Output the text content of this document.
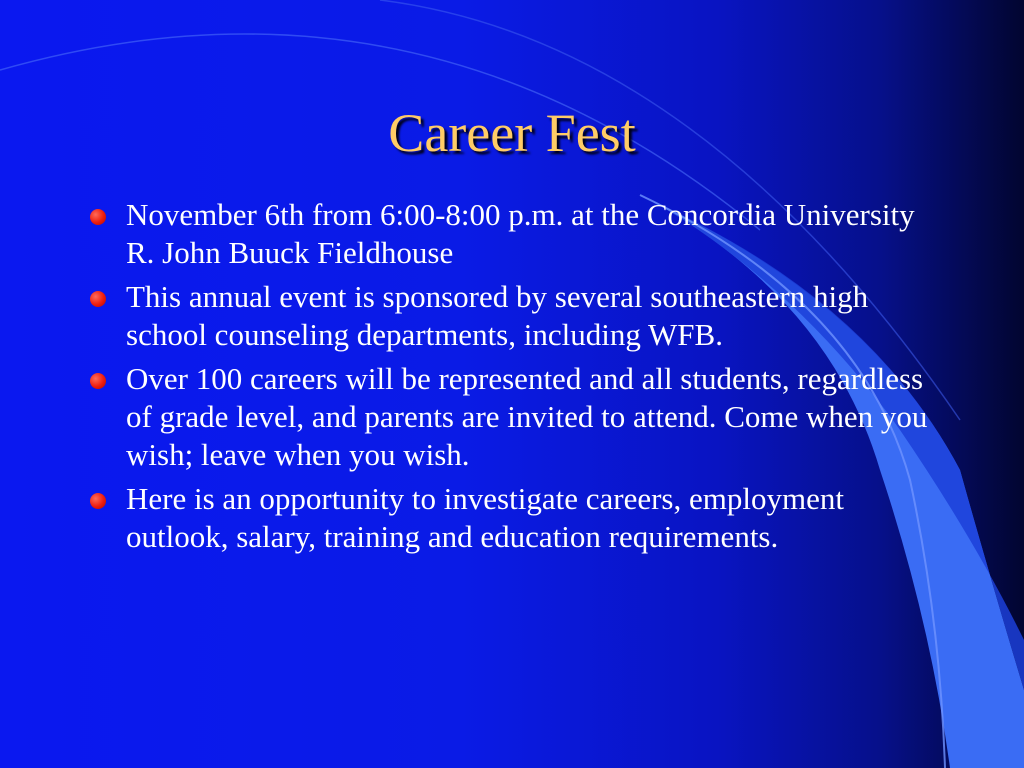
Career Fest
November 6th from 6:00-8:00 p.m. at the Concordia University R. John Buuck Fieldhouse
This annual event is sponsored by several southeastern high school counseling departments, including WFB.
Over 100 careers will be represented and all students, regardless of grade level, and parents are invited to attend. Come when you wish; leave when you wish.
Here is an opportunity to investigate careers, employment outlook, salary, training and education requirements.
